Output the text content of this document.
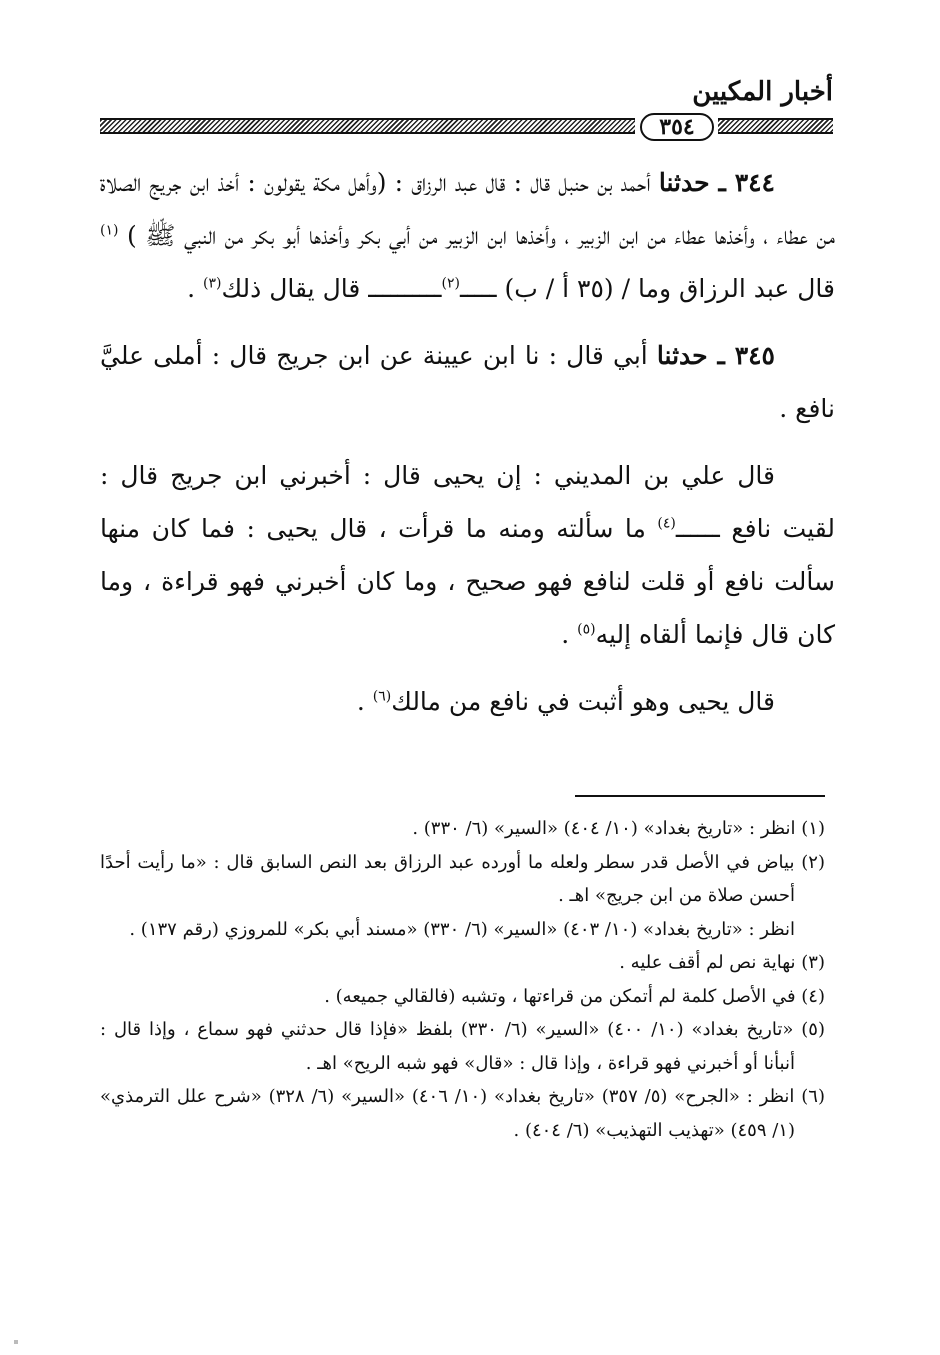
أخبار المكيين
٣٥٤

٣٤٤ ـ حدثنا أحمد بن حنبل قال : قال عبد الرزاق : (وأهل مكة يقولون : أخذ ابن جريج الصلاة من عطاء ، وأخذها عطاء من ابن الزبير ، وأخذها ابن الزبير من أبي بكر وأخذها أبو بكر من النبي ﷺ ) $^{(١)}$ قال عبد الرزاق وما / (٣٥ أ / ب) ـــــ$^{(٢)}$ــــــــــ قال يقال ذلك$^{(٣)}$ .

٣٤٥ ـ حدثنا أبي قال : نا ابن عيينة عن ابن جريج قال : أملى عليَّ نافع .

قال علي بن المديني : إن يحيى قال : أخبرني ابن جريج قال : لقيت نافع ــــــ$^{(٤)}$ ما سألته ومنه ما قرأت ، قال يحيى : فما كان منها سألت نافع أو قلت لنافع فهو صحيح ، وما كان أخبرني فهو قراءة ، وما كان قال فإنما ألقاه إليه$^{(٥)}$ .

قال يحيى وهو أثبت في نافع من مالك$^{(٦)}$ .

(١) انظر : «تاريخ بغداد» (١٠/ ٤٠٤) «السير» (٦/ ٣٣٠) .

(٢) بياض في الأصل قدر سطر ولعله ما أورده عبد الرزاق بعد النص السابق قال : «ما رأيت أحدًا أحسن صلاة من ابن جريج» اهـ .

انظر : «تاريخ بغداد» (١٠/ ٤٠٣) «السير» (٦/ ٣٣٠) «مسند أبي بكر» للمروزي (رقم ١٣٧) .

(٣) نهاية نص لم أقف عليه .

(٤) في الأصل كلمة لم أتمكن من قراءتها ، وتشبه (فالقالي جميعه) .

(٥) «تاريخ بغداد» (١٠/ ٤٠٠) «السير» (٦/ ٣٣٠) بلفظ «فإذا قال حدثني فهو سماع ، وإذا قال : أنبأنا أو أخبرني فهو قراءة ، وإذا قال : «قال» فهو شبه الريح» اهـ .

(٦) انظر : «الجرح» (٥/ ٣٥٧) «تاريخ بغداد» (١٠/ ٤٠٦) «السير» (٦/ ٣٢٨) «شرح علل الترمذي» (١/ ٤٥٩) «تهذيب التهذيب» (٦/ ٤٠٤) .
